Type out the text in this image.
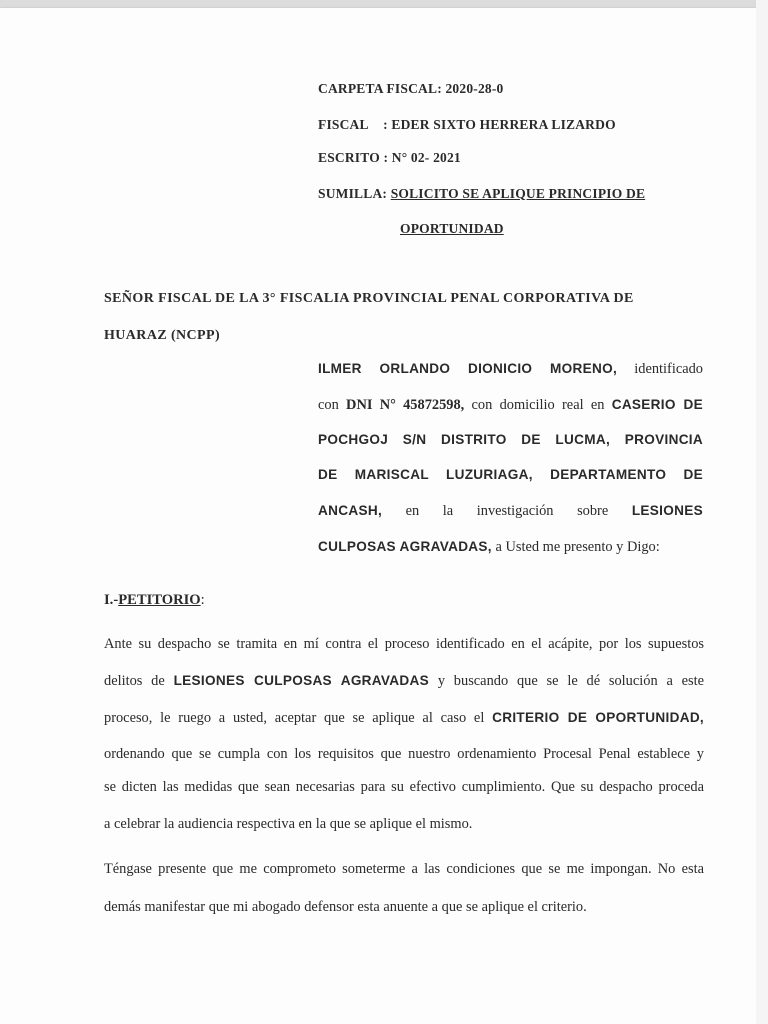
CARPETA FISCAL: 2020-28-0
FISCAL : EDER SIXTO HERRERA LIZARDO
ESCRITO : N° 02- 2021
SUMILLA: SOLICITO SE APLIQUE PRINCIPIO DE
OPORTUNIDAD
SEÑOR FISCAL DE LA 3° FISCALIA PROVINCIAL PENAL CORPORATIVA DE
HUARAZ (NCPP)
ILMER ORLANDO DIONICIO MORENO, identificado
con DNI N° 45872598, con domicilio real en CASERIO DE
POCHGOJ S/N DISTRITO DE LUCMA, PROVINCIA
DE MARISCAL LUZURIAGA, DEPARTAMENTO DE
ANCASH, en la investigación sobre LESIONES
CULPOSAS AGRAVADAS, a Usted me presento y Digo:
I.-PETITORIO:
Ante su despacho se tramita en mí contra el proceso identificado en el acápite, por los supuestos
delitos de LESIONES CULPOSAS AGRAVADAS y buscando que se le dé solución a este
proceso, le ruego a usted, aceptar que se aplique al caso el CRITERIO DE OPORTUNIDAD,
ordenando que se cumpla con los requisitos que nuestro ordenamiento Procesal Penal establece y
se dicten las medidas que sean necesarias para su efectivo cumplimiento. Que su despacho proceda
a celebrar la audiencia respectiva en la que se aplique el mismo.
Téngase presente que me comprometo someterme a las condiciones que se me impongan. No esta
demás manifestar que mi abogado defensor esta anuente a que se aplique el criterio.
